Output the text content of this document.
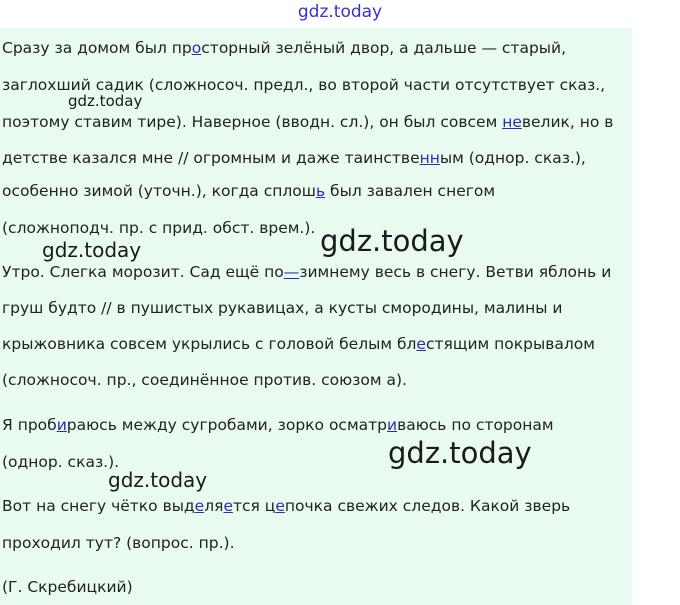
gdz.today
Сразу за домом был просторный зелёный двор, а дальше — старый,
заглохший садик (сложносоч. предл., во второй части отсутствует сказ.,
поэтому ставим тире). Наверное (вводн. сл.), он был совсем невелик, но в
детстве казался мне // огромным и даже таинственным (однор. сказ.),
особенно зимой (уточн.), когда сплошь был завален снегом
(сложноподч. пр. с прид. обст. врем.).
Утро. Слегка морозит. Сад ещё по—зимнему весь в снегу. Ветви яблонь и
груш будто // в пушистых рукавицах, а кусты смородины, малины и
крыжовника совсем укрылись с головой белым блестящим покрывалом
(сложносоч. пр., соединённое против. союзом а).
Я пробираюсь между сугробами, зорко осматриваюсь по сторонам
(однор. сказ.).
Вот на снегу чётко выделяется цепочка свежих следов. Какой зверь
проходил тут? (вопрос. пр.).
(Г. Скребицкий)
gdz.today
gdz.today	gdz.today
gdz.today
gdz.today
